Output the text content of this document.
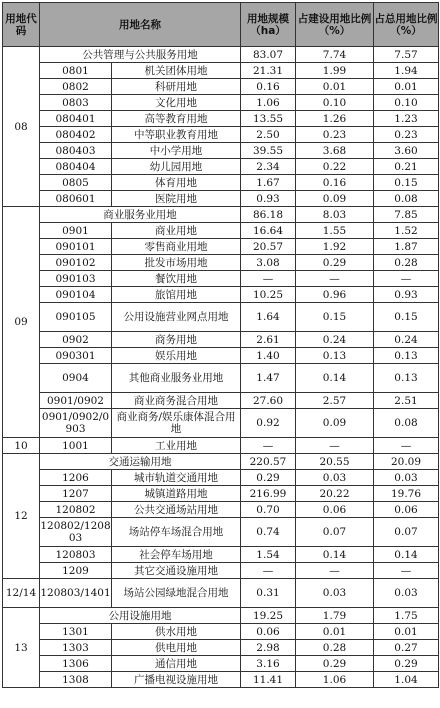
用地代码	用地名称		用地规模（ha）	占建设用地比例（%）	占总用地比例（%）
08	公共管理与公共服务用地		83.07	7.74	7.57
	0801	机关团体用地	21.31	1.99	1.94
	0802	科研用地	0.16	0.01	0.01
	0803	文化用地	1.06	0.10	0.10
	080401	高等教育用地	13.55	1.26	1.23
	080402	中等职业教育用地	2.50	0.23	0.23
	080403	中小学用地	39.55	3.68	3.60
	080404	幼儿园用地	2.34	0.22	0.21
	0805	体育用地	1.67	0.16	0.15
	080601	医院用地	0.93	0.09	0.08
09	商业服务业用地		86.18	8.03	7.85
	0901	商业用地	16.64	1.55	1.52
	090101	零售商业用地	20.57	1.92	1.87
	090102	批发市场用地	3.08	0.29	0.28
	090103	餐饮用地	—	—	—
	090104	旅馆用地	10.25	0.96	0.93
	090105	公用设施营业网点用地	1.64	0.15	0.15
	0902	商务用地	2.61	0.24	0.24
	090301	娱乐用地	1.40	0.13	0.13
	0904	其他商业服务业用地	1.47	0.14	0.13
	0901/0902	商业商务混合用地	27.60	2.57	2.51
	0901/0902/0903	商业商务/娱乐康体混合用地	0.92	0.09	0.08
10	1001	工业用地	—	—	—
12	交通运输用地		220.57	20.55	20.09
	1206	城市轨道交通用地	0.29	0.03	0.03
	1207	城镇道路用地	216.99	20.22	19.76
	120802	公共交通场站用地	0.70	0.06	0.06
	120802/120803	场站停车场混合用地	0.74	0.07	0.07
	120803	社会停车场用地	1.54	0.14	0.14
	1209	其它交通设施用地	—	—	—
12/14	120803/1401	场站公园绿地混合用地	0.31	0.03	0.03
13	公用设施用地		19.25	1.79	1.75
	1301	供水用地	0.06	0.01	0.01
	1303	供电用地	2.98	0.28	0.27
	1306	通信用地	3.16	0.29	0.29
	1308	广播电视设施用地	11.41	1.06	1.04
